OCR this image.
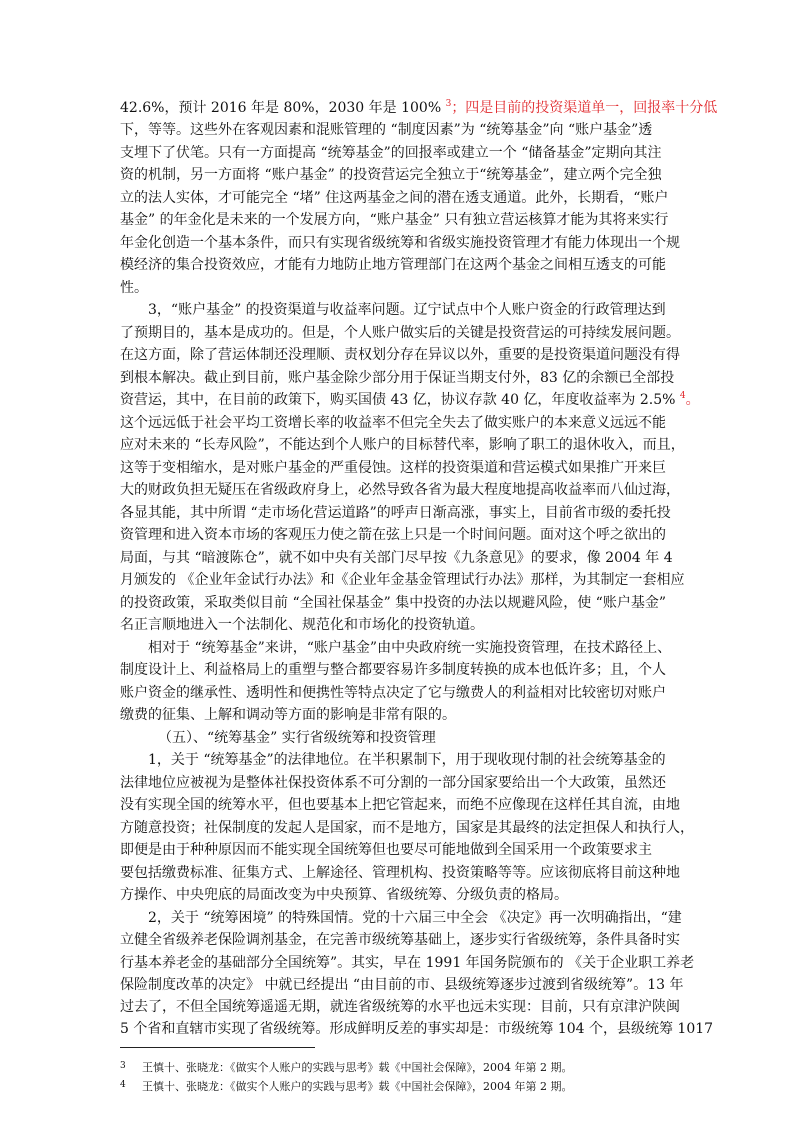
42.6%，预计 2016 年是 80%，2030 年是 100% $^3$；四是目前的投资渠道单一，回报率十分低
下，等等。这些外在客观因素和混账管理的 “制度因素”为 “统筹基金”向 “账户基金”透
支埋下了伏笔。只有一方面提高 “统筹基金”的回报率或建立一个 “储备基金”定期向其注
资的机制，另一方面将 “账户基金” 的投资营运完全独立于“统筹基金”，建立两个完全独
立的法人实体，才可能完全 “堵” 住这两基金之间的潜在透支通道。此外，长期看，“账户
基金” 的年金化是未来的一个发展方向，“账户基金” 只有独立营运核算才能为其将来实行
年金化创造一个基本条件，而只有实现省级统筹和省级实施投资管理才有能力体现出一个规
模经济的集合投资效应，才能有力地防止地方管理部门在这两个基金之间相互透支的可能
性。
3，“账户基金” 的投资渠道与收益率问题。辽宁试点中个人账户资金的行政管理达到
了预期目的，基本是成功的。但是，个人账户做实后的关键是投资营运的可持续发展问题。
在这方面，除了营运体制还没理顺、责权划分存在异议以外，重要的是投资渠道问题没有得
到根本解决。截止到目前，账户基金除少部分用于保证当期支付外，83 亿的余额已全部投
资营运，其中，在目前的政策下，购买国债 43 亿，协议存款 40 亿，年度收益率为 2.5% $^4$。
这个远远低于社会平均工资增长率的收益率不但完全失去了做实账户的本来意义远远不能
应对未来的 “长寿风险”，不能达到个人账户的目标替代率，影响了职工的退休收入，而且，
这等于变相缩水，是对账户基金的严重侵蚀。这样的投资渠道和营运模式如果推广开来巨
大的财政负担无疑压在省级政府身上，必然导致各省为最大程度地提高收益率而八仙过海，
各显其能，其中所谓 “走市场化营运道路”的呼声日渐高涨，事实上，目前省市级的委托投
资管理和进入资本市场的客观压力使之箭在弦上只是一个时间问题。面对这个呼之欲出的
局面，与其 “暗渡陈仓”，就不如中央有关部门尽早按《九条意见》的要求，像 2004 年 4
月颁发的 《企业年金试行办法》和《企业年金基金管理试行办法》那样，为其制定一套相应
的投资政策，采取类似目前 “全国社保基金” 集中投资的办法以规避风险，使 “账户基金”
名正言顺地进入一个法制化、规范化和市场化的投资轨道。
相对于 “统筹基金”来讲，“账户基金”由中央政府统一实施投资管理，在技术路径上、
制度设计上、利益格局上的重塑与整合都要容易许多制度转换的成本也低许多；且，个人
账户资金的继承性、透明性和便携性等特点决定了它与缴费人的利益相对比较密切对账户
缴费的征集、上解和调动等方面的影响是非常有限的。
（五）、“统筹基金” 实行省级统筹和投资管理
1，关于 “统筹基金”的法律地位。在半积累制下，用于现收现付制的社会统筹基金的
法律地位应被视为是整体社保投资体系不可分割的一部分国家要给出一个大政策，虽然还
没有实现全国的统筹水平，但也要基本上把它管起来，而绝不应像现在这样任其自流，由地
方随意投资；社保制度的发起人是国家，而不是地方，国家是其最终的法定担保人和执行人，
即便是由于种种原因而不能实现全国统筹但也要尽可能地做到全国采用一个政策要求主
要包括缴费标准、征集方式、上解途径、管理机构、投资策略等等。应该彻底将目前这种地
方操作、中央兜底的局面改变为中央预算、省级统筹、分级负责的格局。
2，关于 “统筹困境” 的特殊国情。党的十六届三中全会 《决定》再一次明确指出，“建
立健全省级养老保险调剂基金，在完善市级统筹基础上，逐步实行省级统筹，条件具备时实
行基本养老金的基础部分全国统筹”。其实，早在 1991 年国务院颁布的 《关于企业职工养老
保险制度改革的决定》 中就已经提出 “由目前的市、县级统筹逐步过渡到省级统筹”。13 年
过去了，不但全国统筹遥遥无期，就连省级统筹的水平也远未实现：目前，只有京津沪陕闽
5 个省和直辖市实现了省级统筹。形成鲜明反差的事实却是：市级统筹 104 个，县级统筹 1017
3 王慎十、张晓龙：《做实个人账户的实践与思考》载《中国社会保障》，2004 年第 2 期。
4 王慎十、张晓龙：《做实个人账户的实践与思考》载《中国社会保障》，2004 年第 2 期。
